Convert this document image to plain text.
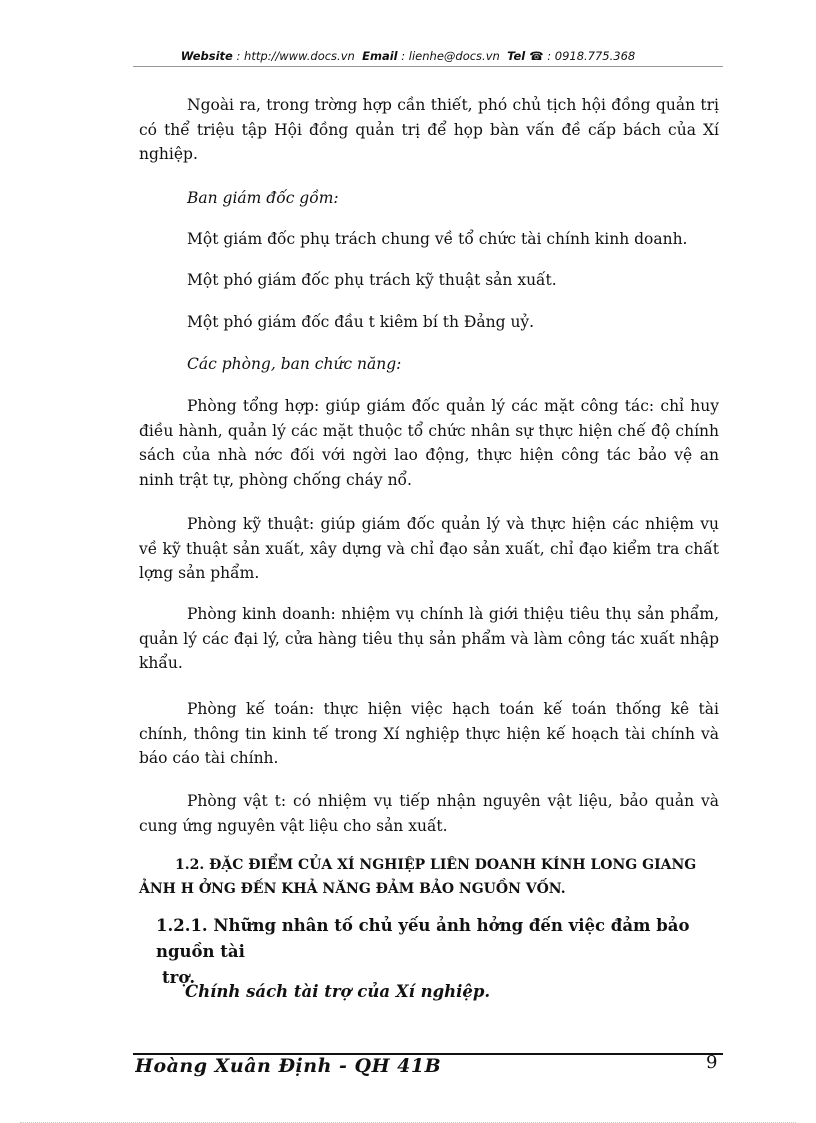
Website : http://www.docs.vn Email : lienhe@docs.vn Tel ☎ : 0918.775.368

Ngoài ra, trong trờng hợp cần thiết, phó chủ tịch hội đồng quản trị có thể triệu tập Hội đồng quản trị để họp bàn vấn đề cấp bách của Xí nghiệp.

Ban giám đốc gồm:

Một giám đốc phụ trách chung về tổ chức tài chính kinh doanh.

Một phó giám đốc phụ trách kỹ thuật sản xuất.

Một phó giám đốc đầu t kiêm bí th Đảng uỷ.

Các phòng, ban chức năng:

Phòng tổng hợp: giúp giám đốc quản lý các mặt công tác: chỉ huy điều hành, quản lý các mặt thuộc tổ chức nhân sự thực hiện chế độ chính sách của nhà nớc đối với ngời lao động, thực hiện công tác bảo vệ an ninh trật tự, phòng chống cháy nổ.

Phòng kỹ thuật: giúp giám đốc quản lý và thực hiện các nhiệm vụ về kỹ thuật sản xuất, xây dựng và chỉ đạo sản xuất, chỉ đạo kiểm tra chất lợng sản phẩm.

Phòng kinh doanh: nhiệm vụ chính là giới thiệu tiêu thụ sản phẩm, quản lý các đại lý, cửa hàng tiêu thụ sản phẩm và làm công tác xuất nhập khẩu.

Phòng kế toán: thực hiện việc hạch toán kế toán thống kê tài chính, thông tin kinh tế trong Xí nghiệp thực hiện kế hoạch tài chính và báo cáo tài chính.

Phòng vật t: có nhiệm vụ tiếp nhận nguyên vật liệu, bảo quản và cung ứng nguyên vật liệu cho sản xuất.

1.2. ĐẶC ĐIỂM CỦA XÍ NGHIỆP LIÊN DOANH KÍNH LONG GIANG ẢNH H ỞNG ĐẾN KHẢ NĂNG ĐẢM BẢO NGUỒN VỐN.

1.2.1. Những nhân tố chủ yếu ảnh hởng đến việc đảm bảo nguồn tài
trợ.
Chính sách tài trợ của Xí nghiệp.
Hoàng Xuân Định - QH 41B	9
